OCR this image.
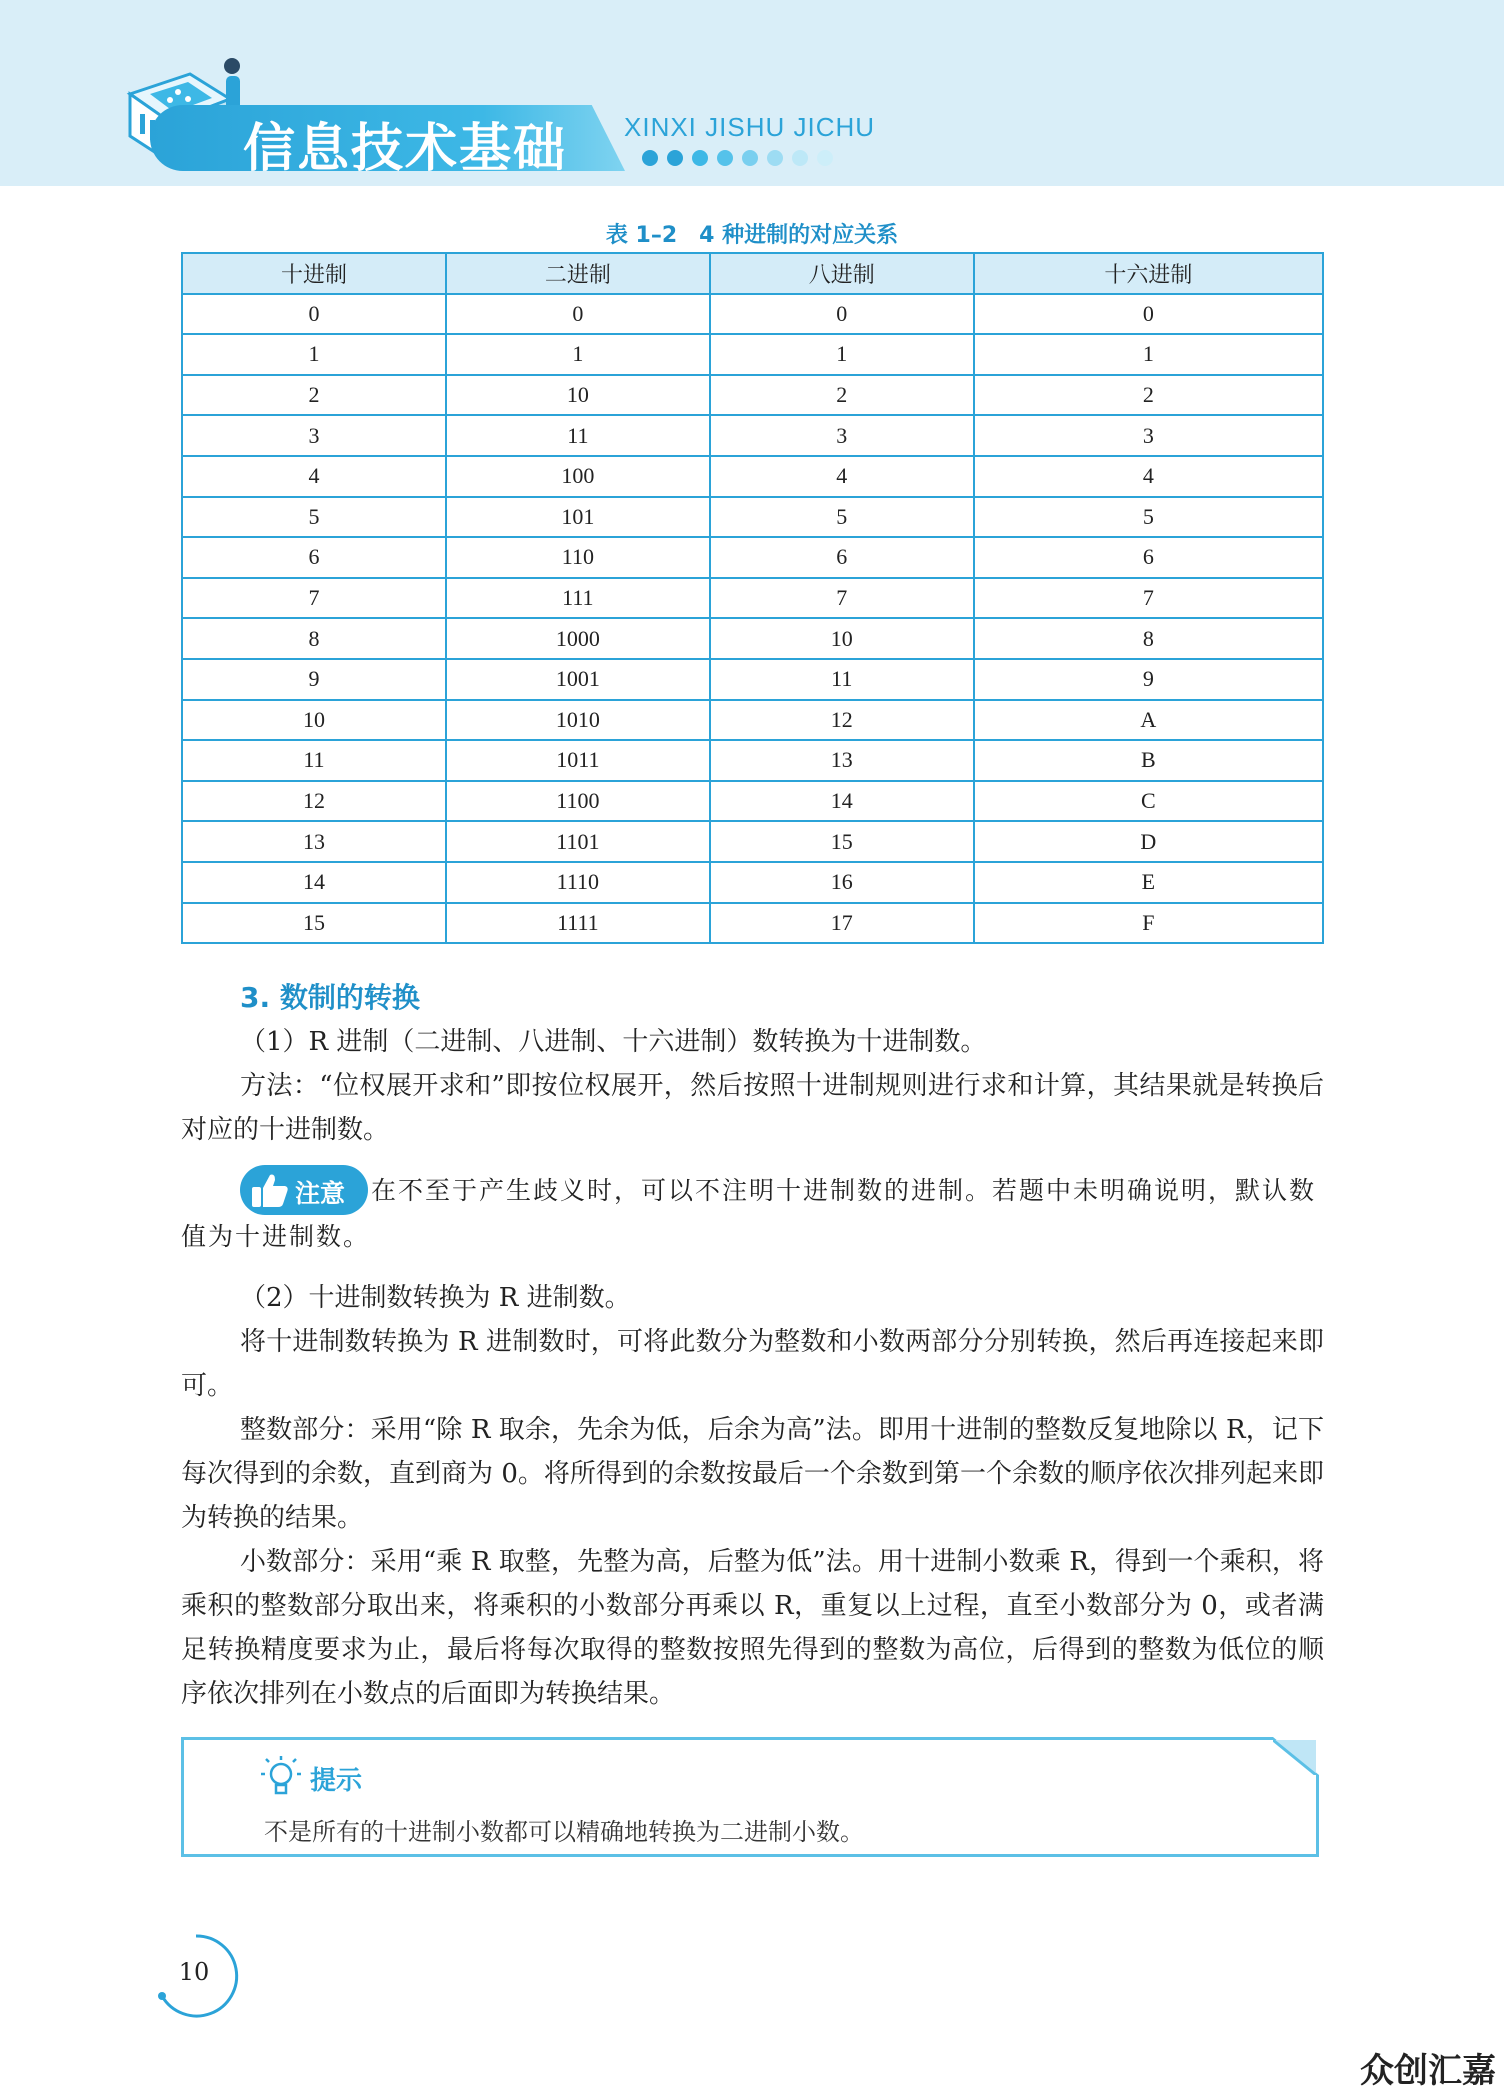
信息技术基础 XINXI JISHU JICHU
表 1–2　4 种进制的对应关系
十进制	二进制	八进制	十六进制
0	0	0	0
1	1	1	1
2	10	2	2
3	11	3	3
4	100	4	4
5	101	5	5
6	110	6	6
7	111	7	7
8	1000	10	8
9	1001	11	9
10	1010	12	A
11	1011	13	B
12	1100	14	C
13	1101	15	D
14	1110	16	E
15	1111	17	F
3. 数制的转换
（1）R 进制（二进制、八进制、十六进制）数转换为十进制数。
方法：“位权展开求和”即按位权展开，然后按照十进制规则进行求和计算，其结果就是转换后对应的十进制数。
注意	在不至于产生歧义时，可以不注明十进制数的进制。若题中未明确说明，默认数值为十进制数。
（2）十进制数转换为 R 进制数。
将十进制数转换为 R 进制数时，可将此数分为整数和小数两部分分别转换，然后再连接起来即可。
整数部分：采用“除 R 取余，先余为低，后余为高”法。即用十进制的整数反复地除以 R，记下每次得到的余数，直到商为 0。将所得到的余数按最后一个余数到第一个余数的顺序依次排列起来即为转换的结果。
小数部分：采用“乘 R 取整，先整为高，后整为低”法。用十进制小数乘 R，得到一个乘积，将乘积的整数部分取出来，将乘积的小数部分再乘以 R，重复以上过程，直至小数部分为 0，或者满足转换精度要求为止，最后将每次取得的整数按照先得到的整数为高位，后得到的整数为低位的顺序依次排列在小数点的后面即为转换结果。
提示
不是所有的十进制小数都可以精确地转换为二进制小数。
10
众创汇嘉
